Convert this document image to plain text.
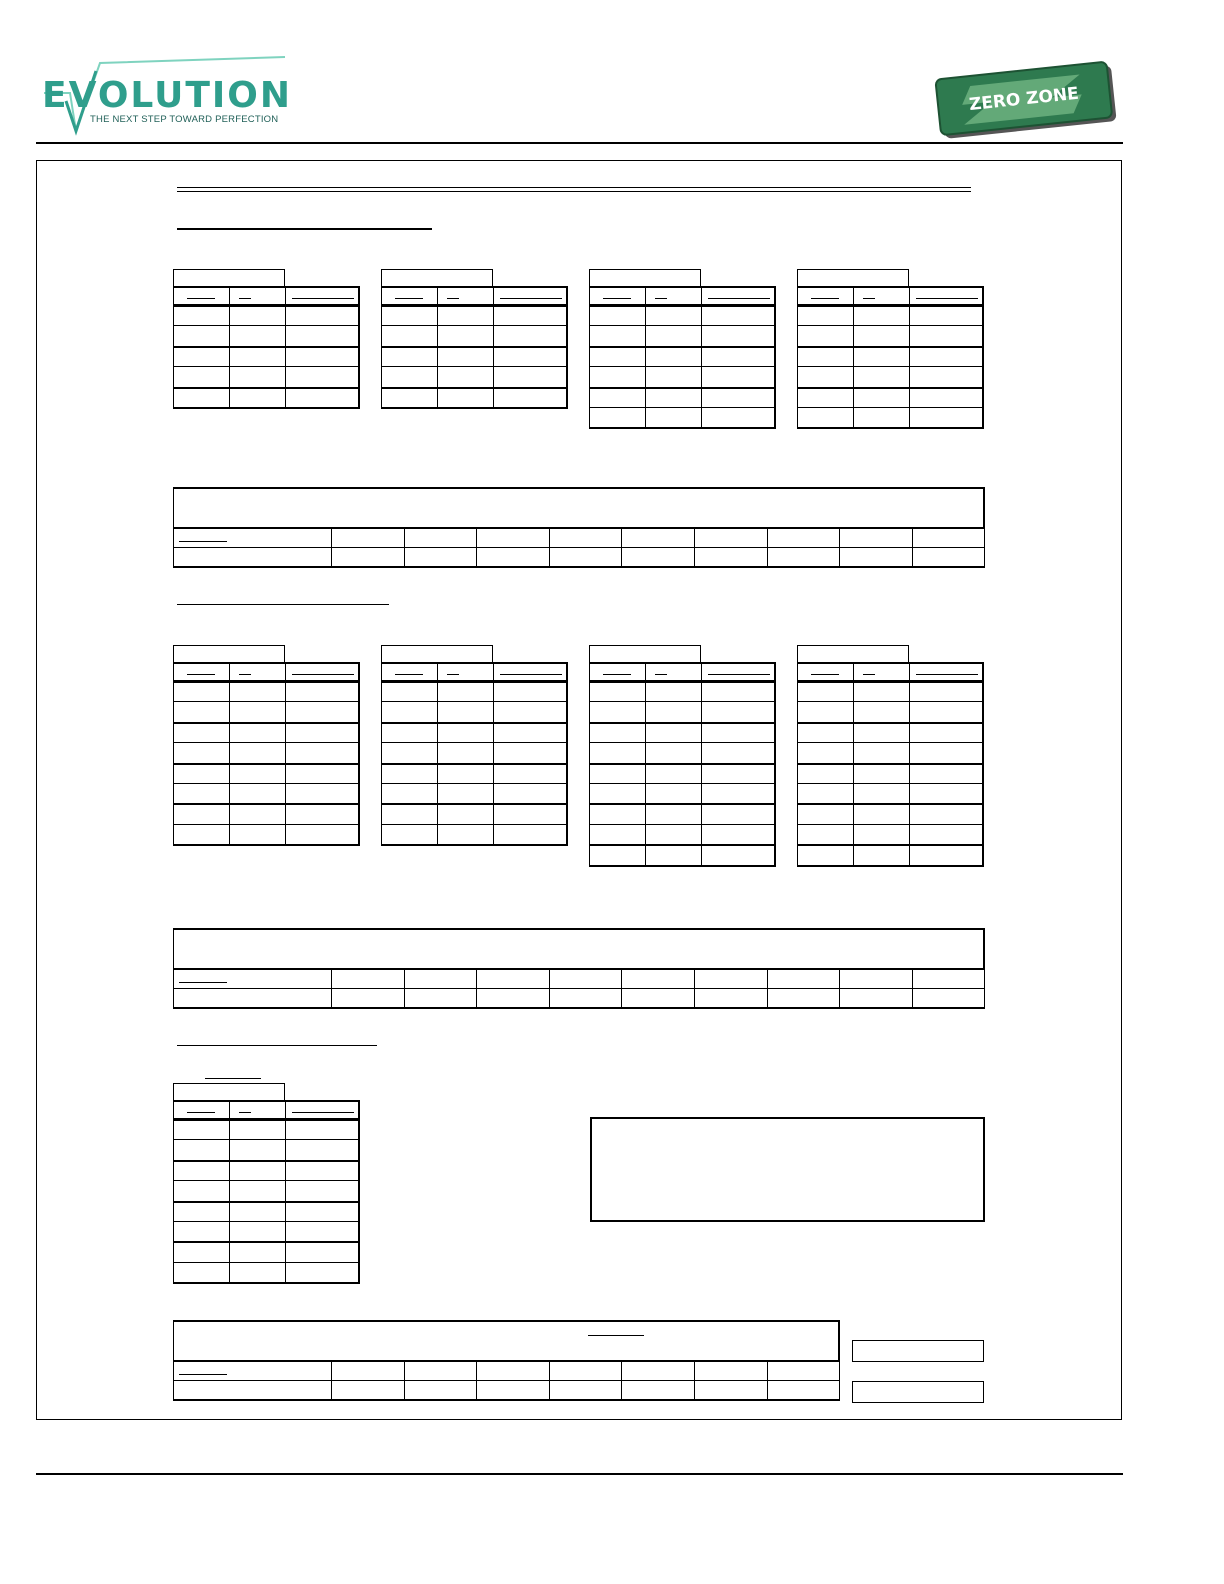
EVOLUTION
THE NEXT STEP TOWARD PERFECTION
ZERO ZONE
